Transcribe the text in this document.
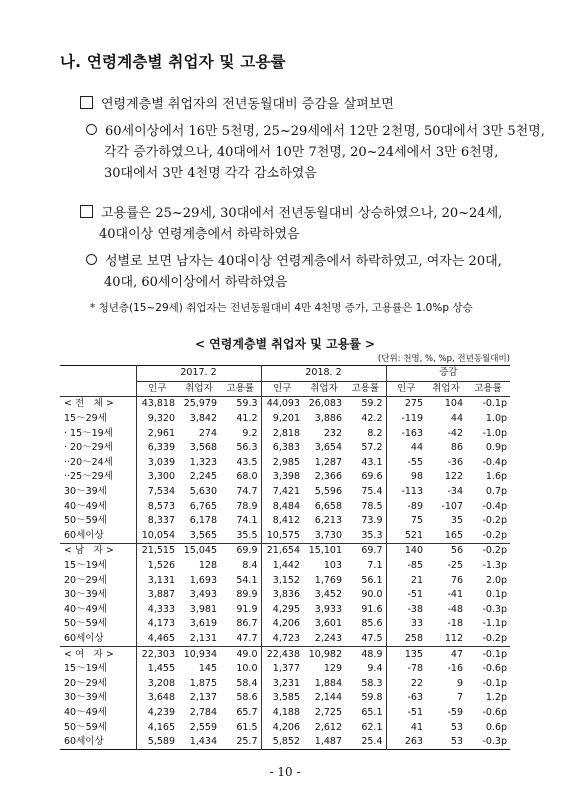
나. 연령계층별 취업자 및 고용률
연령계층별 취업자의 전년동월대비 증감을 살펴보면
60세이상에서 16만 5천명, 25~29세에서 12만 2천명, 50대에서 3만 5천명,
각각 증가하였으나, 40대에서 10만 7천명, 20~24세에서 3만 6천명,
30대에서 3만 4천명 각각 감소하였음
고용률은 25~29세, 30대에서 전년동월대비 상승하였으나, 20~24세,
40대이상 연령계층에서 하락하였음
성별로 보면 남자는 40대이상 연령계층에서 하락하였고, 여자는 20대,
40대, 60세이상에서 하락하였음
* 청년층(15~29세) 취업자는 전년동월대비 4만 4천명 증가, 고용률은 1.0%p 상승
< 연령계층별 취업자 및 고용률 >
(단위: 천명, %, %p, 전년동월대비)
	2017. 2			2018. 2			증감		
	인구	취업자	고용률	인구	취업자	고용률	인구	취업자	고용률
< 전　체 >	43,818	25,979	59.3	44,093	26,083	59.2	275	104	-0.1p
15～29세	9,320	3,842	41.2	9,201	3,886	42.2	-119	44	1.0p
· 15～19세	2,961	274	9.2	2,818	232	8.2	-163	-42	-1.0p
· 20～29세	6,339	3,568	56.3	6,383	3,654	57.2	44	86	0.9p
··20～24세	3,039	1,323	43.5	2,985	1,287	43.1	-55	-36	-0.4p
··25～29세	3,300	2,245	68.0	3,398	2,366	69.6	98	122	1.6p
30～39세	7,534	5,630	74.7	7,421	5,596	75.4	-113	-34	0.7p
40～49세	8,573	6,765	78.9	8,484	6,658	78.5	-89	-107	-0.4p
50～59세	8,337	6,178	74.1	8,412	6,213	73.9	75	35	-0.2p
60세이상	10,054	3,565	35.5	10,575	3,730	35.3	521	165	-0.2p
< 남　자 >	21,515	15,045	69.9	21,654	15,101	69.7	140	56	-0.2p
15～19세	1,526	128	8.4	1,442	103	7.1	-85	-25	-1.3p
20～29세	3,131	1,693	54.1	3,152	1,769	56.1	21	76	2.0p
30～39세	3,887	3,493	89.9	3,836	3,452	90.0	-51	-41	0.1p
40～49세	4,333	3,981	91.9	4,295	3,933	91.6	-38	-48	-0.3p
50～59세	4,173	3,619	86.7	4,206	3,601	85.6	33	-18	-1.1p
60세이상	4,465	2,131	47.7	4,723	2,243	47.5	258	112	-0.2p
< 여　자 >	22,303	10,934	49.0	22,438	10,982	48.9	135	47	-0.1p
15～19세	1,455	145	10.0	1,377	129	9.4	-78	-16	-0.6p
20～29세	3,208	1,875	58.4	3,231	1,884	58.3	22	9	-0.1p
30～39세	3,648	2,137	58.6	3,585	2,144	59.8	-63	7	1.2p
40～49세	4,239	2,784	65.7	4,188	2,725	65.1	-51	-59	-0.6p
50～59세	4,165	2,559	61.5	4,206	2,612	62.1	41	53	0.6p
60세이상	5,589	1,434	25.7	5,852	1,487	25.4	263	53	-0.3p
- 10 -
